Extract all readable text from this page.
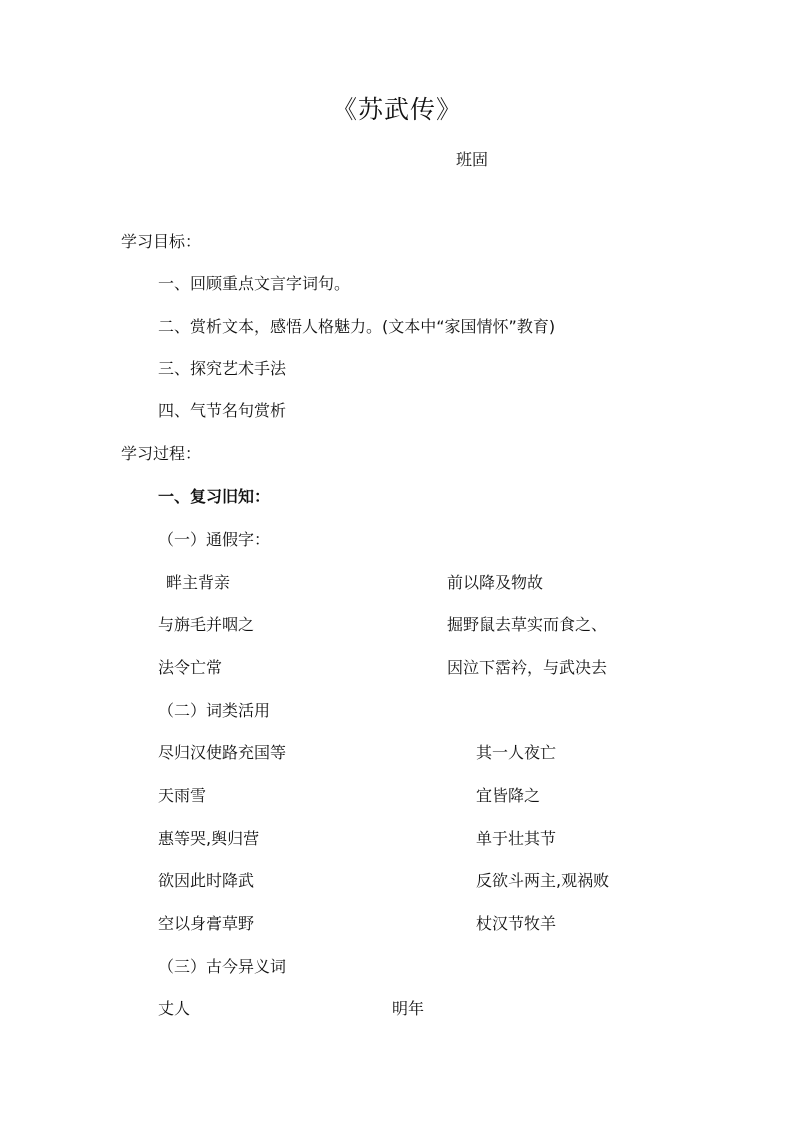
《苏武传》
班固
学习目标：
一、回顾重点文言字词句。
二、赏析文本，感悟人格魅力。(文本中“家国情怀”教育)
三、探究艺术手法
四、气节名句赏析
学习过程：
一、复习旧知：
（一）通假字：
畔主背亲	前以降及物故
与旃毛并咽之	掘野鼠去草实而食之、
法令亡常	因泣下霑衿，与武决去
（二）词类活用
尽归汉使路充国等	其一人夜亡
天雨雪	宜皆降之
惠等哭,舆归营	单于壮其节
欲因此时降武	反欲斗两主,观祸败
空以身膏草野	杖汉节牧羊
（三）古今异义词
丈人	明年
